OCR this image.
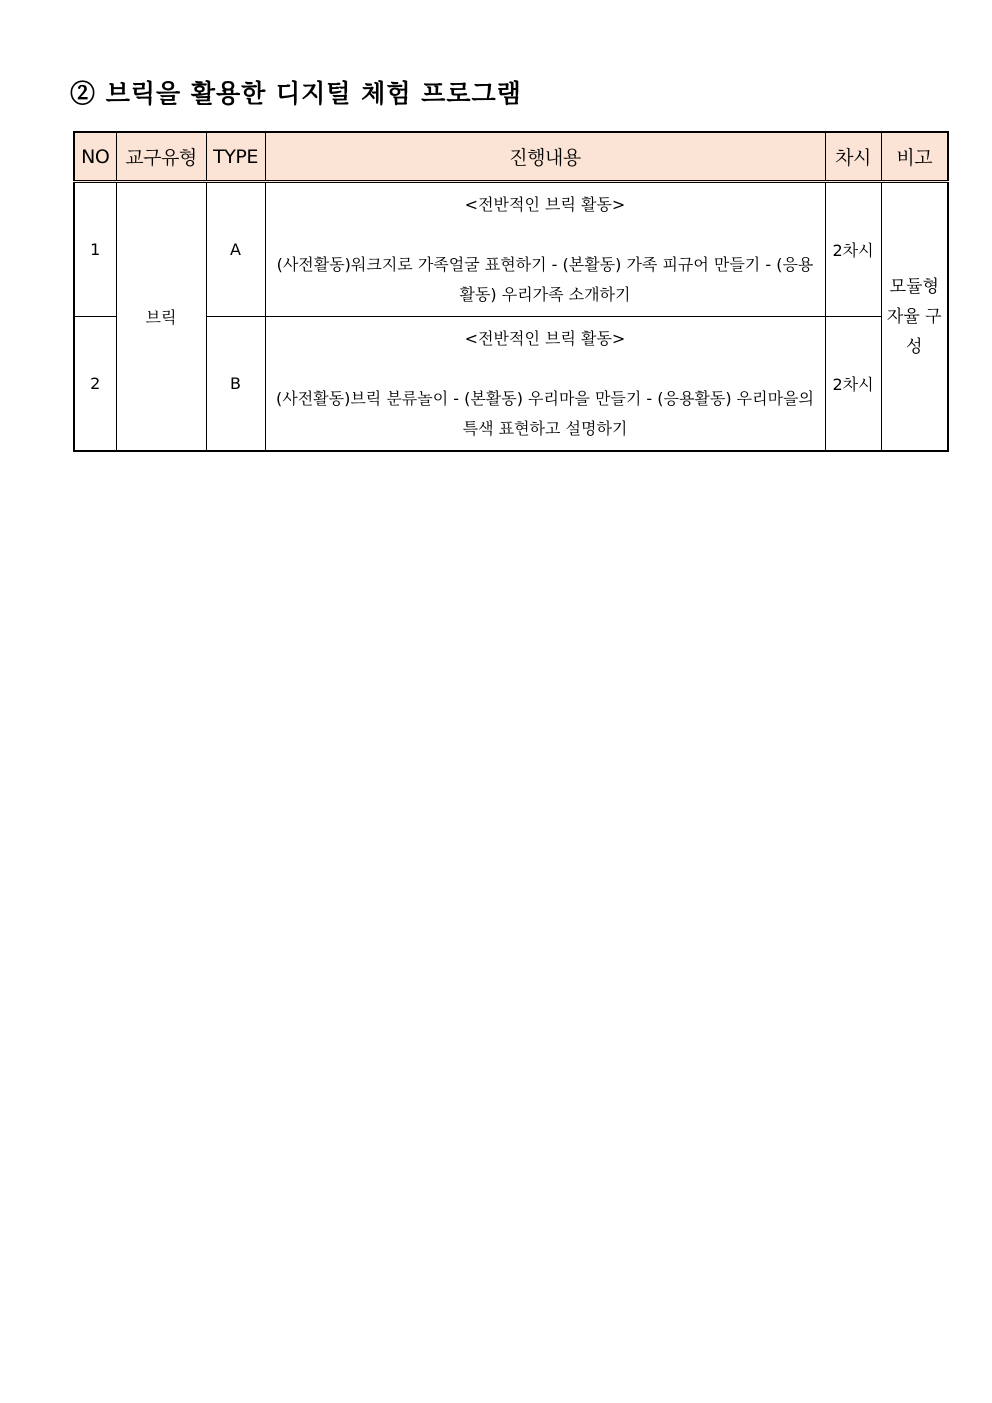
② 브릭을 활용한 디지털 체험 프로그램
NO	교구유형	TYPE	진행내용	차시	비고
1	브릭	A	<전반적인 브릭 활동>
(사전활동)워크지로 가족얼굴 표현하기 - (본활동) 가족 피규어 만들기 - (응용활동) 우리가족 소개하기	2차시	모듈형 자율 구성
2		B	<전반적인 브릭 활동>
(사전활동)브릭 분류놀이 - (본활동) 우리마을 만들기 - (응용활동) 우리마을의 특색 표현하고 설명하기	2차시	
